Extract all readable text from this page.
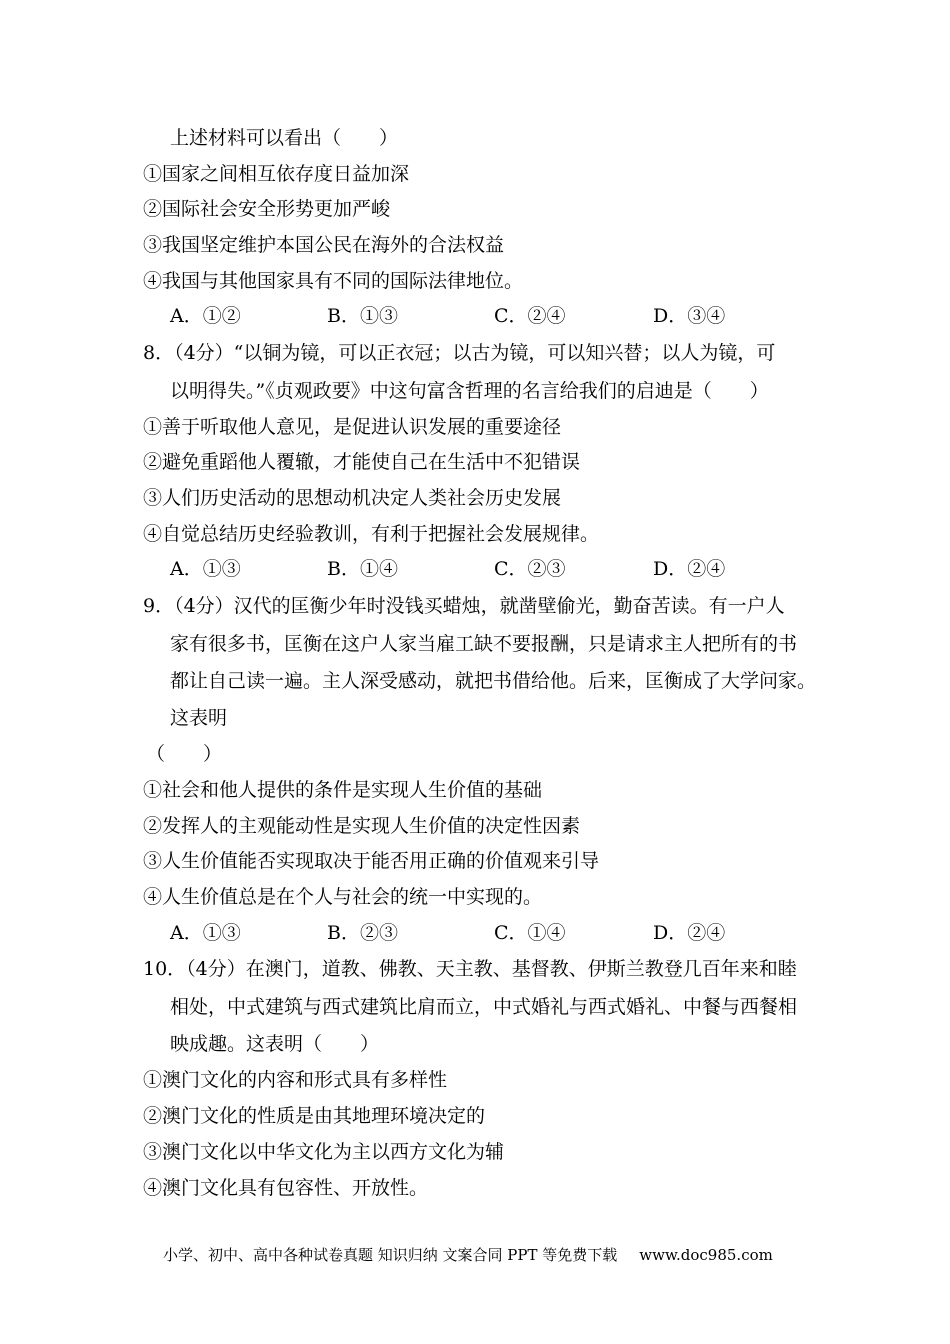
上述材料可以看出（　　）
①国家之间相互依存度日益加深
②国际社会安全形势更加严峻
③我国坚定维护本国公民在海外的合法权益
④我国与其他国家具有不同的国际法律地位。
A．①②	B．①③	C．②④	D．③④
8．（4分）“以铜为镜，可以正衣冠；以古为镜，可以知兴替；以人为镜，可
以明得失。”《贞观政要》中这句富含哲理的名言给我们的启迪是（　　）
①善于听取他人意见，是促进认识发展的重要途径
②避免重蹈他人覆辙，才能使自己在生活中不犯错误
③人们历史活动的思想动机决定人类社会历史发展
④自觉总结历史经验教训，有利于把握社会发展规律。
A．①③	B．①④	C．②③	D．②④
9．（4分）汉代的匡衡少年时没钱买蜡烛，就凿壁偷光，勤奋苦读。有一户人
家有很多书，匡衡在这户人家当雇工缺不要报酬，只是请求主人把所有的书
都让自己读一遍。主人深受感动，就把书借给他。后来，匡衡成了大学问家。
这表明
（　　）
①社会和他人提供的条件是实现人生价值的基础
②发挥人的主观能动性是实现人生价值的决定性因素
③人生价值能否实现取决于能否用正确的价值观来引导
④人生价值总是在个人与社会的统一中实现的。
A．①③	B．②③	C．①④	D．②④
10．（4分）在澳门，道教、佛教、天主教、基督教、伊斯兰教登几百年来和睦
相处，中式建筑与西式建筑比肩而立，中式婚礼与西式婚礼、中餐与西餐相
映成趣。这表明（　　）
①澳门文化的内容和形式具有多样性
②澳门文化的性质是由其地理环境决定的
③澳门文化以中华文化为主以西方文化为辅
④澳门文化具有包容性、开放性。
小学、初中、高中各种试卷真题 知识归纳 文案合同 PPT 等免费下载 www.doc985.com
